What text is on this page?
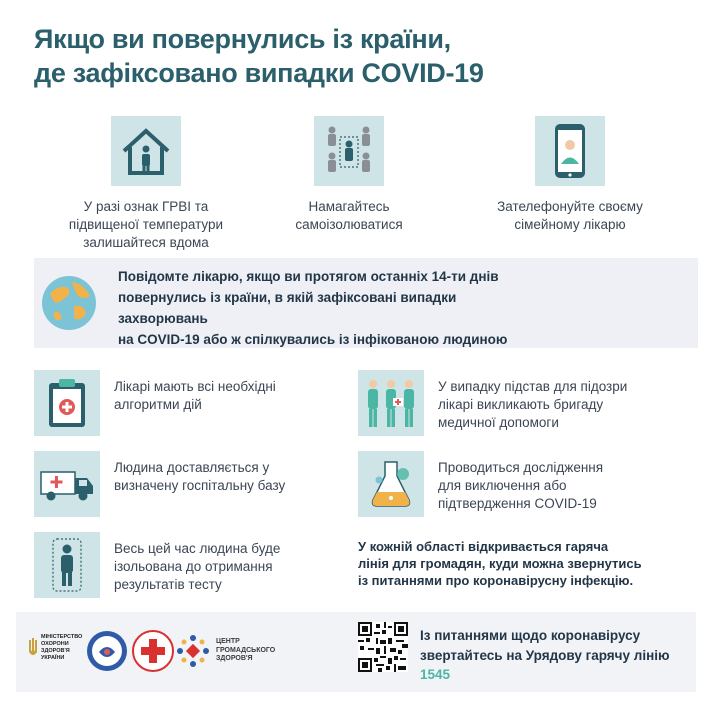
Якщо ви повернулись із країни,
де зафіксовано випадки COVID-19
У разі ознак ГРВІ та
підвищеної температури
залишайтеся вдома
Намагайтесь
самоізолюватися
Зателефонуйте своєму
сімейному лікарю
Повідомте лікарю, якщо ви протягом останніх 14-ти днів
повернулись із країни, в якій зафіксовані випадки захворювань
на COVID-19 або ж спілкувались із інфікованою людиною
Лікарі мають всі необхідні
алгоритми дій
Людина доставляється у
визначену госпітальну базу
Весь цей час людина буде
ізольована до отримання
результатів тесту
У випадку підстав для підозри
лікарі викликають бригаду
медичної допомоги
Проводиться дослідження
для виключення або
підтвердження COVID-19
У кожній області відкривається гаряча
лінія для громадян, куди можна звернутись
із питаннями про коронавірусну інфекцію.
МІНІСТЕРСТВО
ОХОРОНИ
ЗДОРОВ'Я
УКРАЇНИ
ЦЕНТР
ГРОМАДСЬКОГО
ЗДОРОВ'Я
Із питаннями щодо коронавірусу
звертайтесь на Урядову гарячу лінію
1545
